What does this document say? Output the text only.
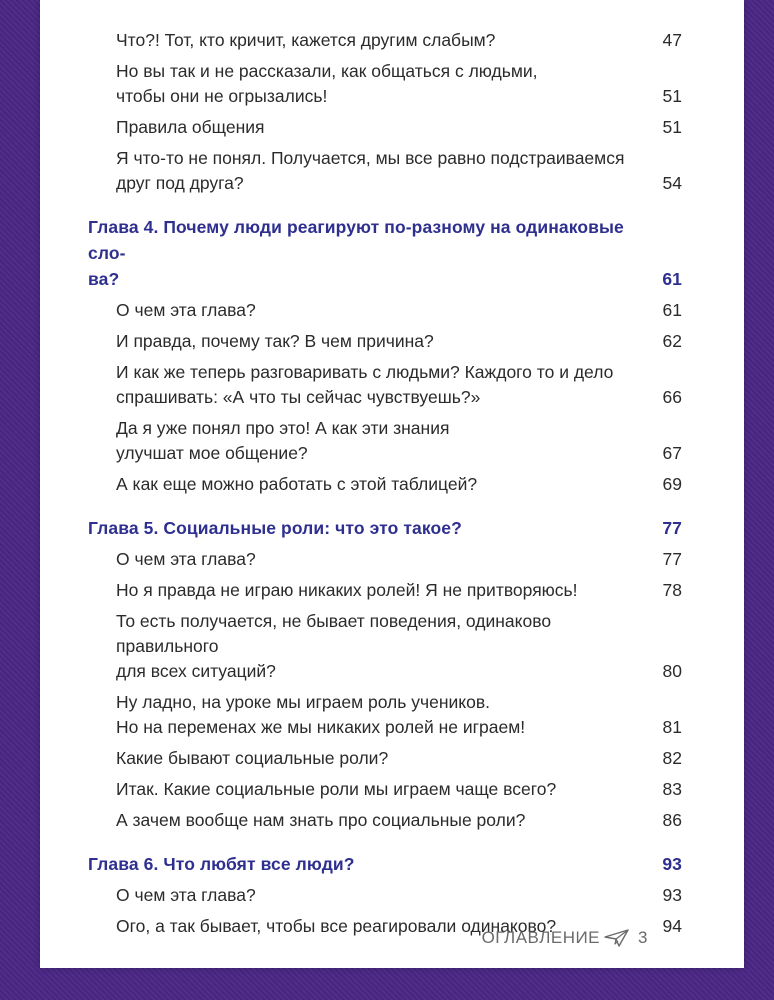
Что?! Тот, кто кричит, кажется другим слабым?	47
Но вы так и не рассказали, как общаться с людьми,
чтобы они не огрызались!	51
Правила общения	51
Я что-то не понял. Получается, мы все равно подстраиваемся
друг под друга?	54
Глава 4. Почему люди реагируют по-разному на одинаковые сло-
ва?	61
О чем эта глава?	61
И правда, почему так? В чем причина?	62
И как же теперь разговаривать с людьми? Каждого то и дело
спрашивать: «А что ты сейчас чувствуешь?»	66
Да я уже понял про это! А как эти знания
улучшат мое общение?	67
А как еще можно работать с этой таблицей?	69
Глава 5. Социальные роли: что это такое?	77
О чем эта глава?	77
Но я правда не играю никаких ролей! Я не притворяюсь!	78
То есть получается, не бывает поведения, одинаково правильного
для всех ситуаций?	80
Ну ладно, на уроке мы играем роль учеников.
Но на переменах же мы никаких ролей не играем!	81
Какие бывают социальные роли?	82
Итак. Какие социальные роли мы играем чаще всего?	83
А зачем вообще нам знать про социальные роли?	86
Глава 6. Что любят все люди?	93
О чем эта глава?	93
Ого, а так бывает, чтобы все реагировали одинаково?	94
ОГЛАВЛЕНИЕ 3
